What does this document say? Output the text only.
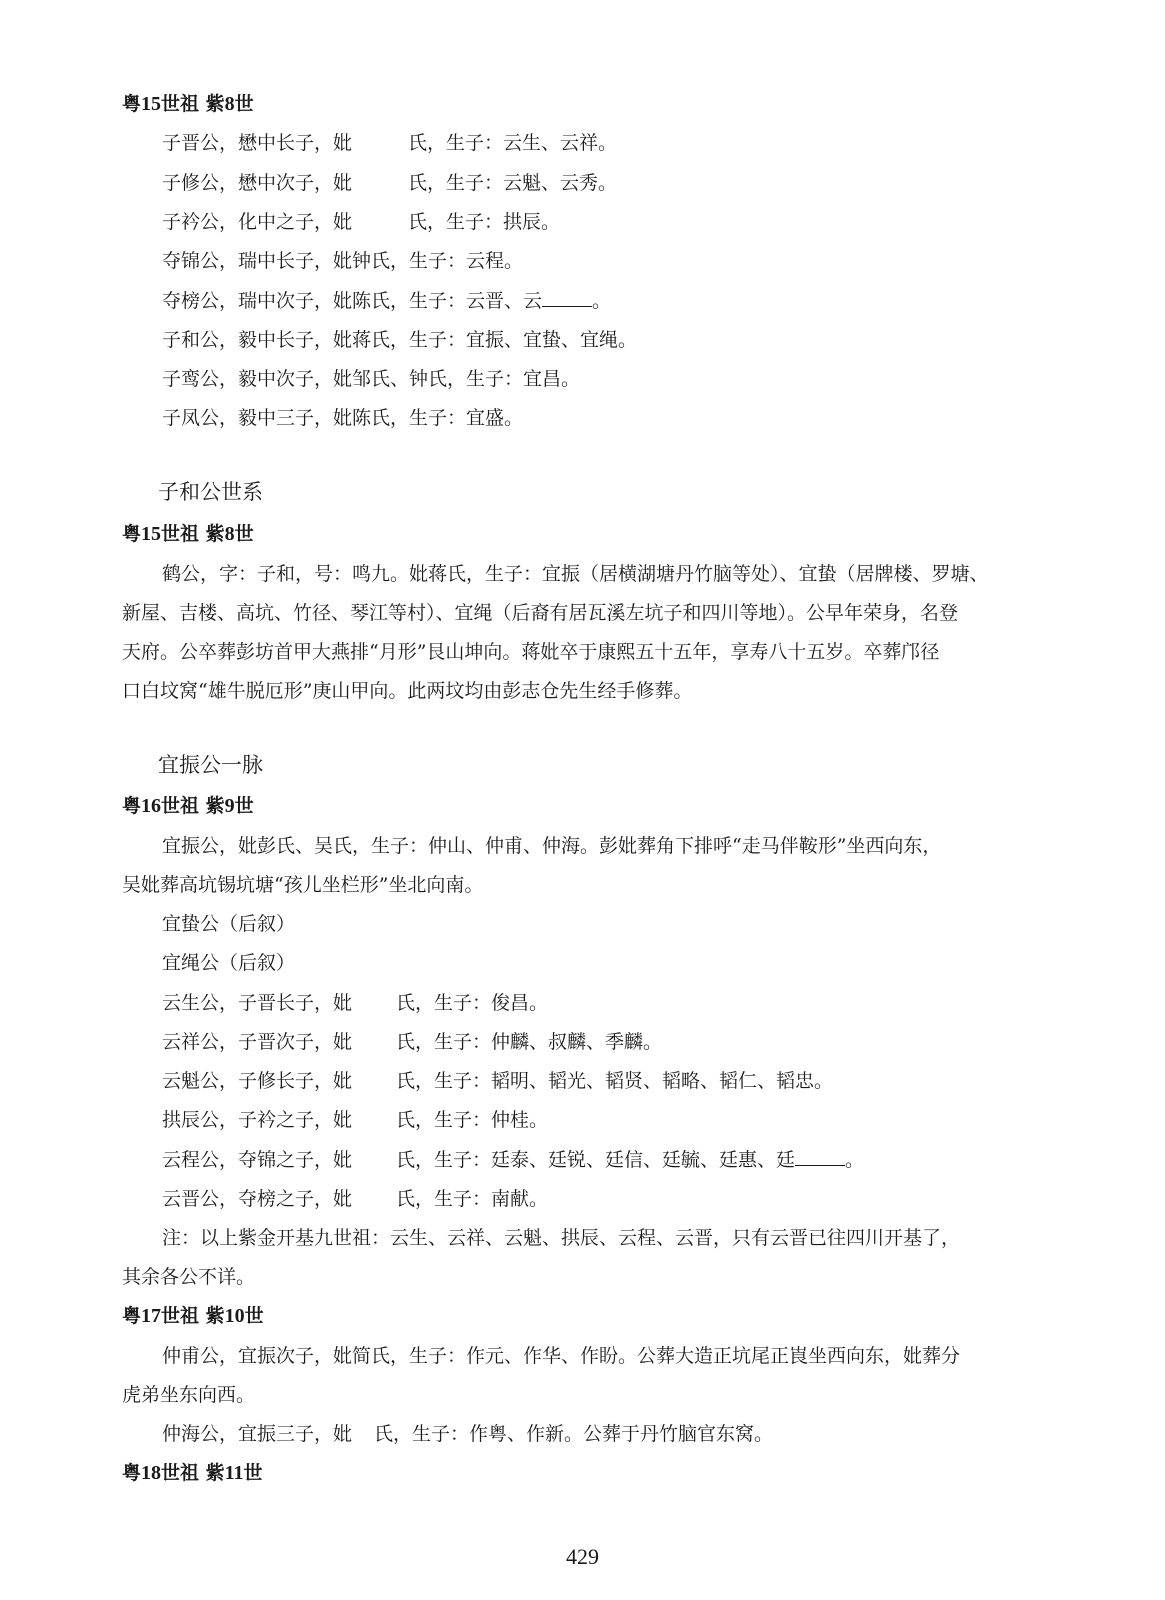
粤15世祖 紫8世
子晋公，懋中长子，妣	氏，生子：云生、云祥。
子修公，懋中次子，妣	氏，生子：云魁、云秀。
子衿公，化中之子，妣	氏，生子：拱辰。
夺锦公，瑞中长子，妣钟氏，生子：云程。
夺榜公，瑞中次子，妣陈氏，生子：云晋、云	。
子和公，毅中长子，妣蒋氏，生子：宜振、宜蛰、宜绳。
子鸾公，毅中次子，妣邹氏、钟氏，生子：宜昌。
子凤公，毅中三子，妣陈氏，生子：宜盛。
子和公世系
粤15世祖 紫8世
鹤公，字：子和，号：鸣九。妣蒋氏，生子：宜振（居横湖塘丹竹脑等处）、宜蛰（居牌楼、罗塘、
新屋、吉楼、高坑、竹径、琴江等村）、宜绳（后裔有居瓦溪左坑子和四川等地）。公早年荣身，名登
天府。公卒葬彭坊首甲大燕排“月形”艮山坤向。蒋妣卒于康熙五十五年，享寿八十五岁。卒葬邝径
口白坟窝“雄牛脱厄形”庚山甲向。此两坟均由彭志仓先生经手修葬。
宜振公一脉
粤16世祖 紫9世
宜振公，妣彭氏、吴氏，生子：仲山、仲甫、仲海。彭妣葬角下排呼“走马伴鞍形”坐西向东，
吴妣葬高坑锡坑塘“孩儿坐栏形”坐北向南。
宜蛰公（后叙）
宜绳公（后叙）
云生公，子晋长子，妣 氏，生子：俊昌。
云祥公，子晋次子，妣 氏，生子：仲麟、叔麟、季麟。
云魁公，子修长子，妣 氏，生子：韬明、韬光、韬贤、韬略、韬仁、韬忠。
拱辰公，子衿之子，妣 氏，生子：仲桂。
云程公，夺锦之子，妣 氏，生子：廷泰、廷锐、廷信、廷毓、廷惠、廷	。
云晋公，夺榜之子，妣 氏，生子：南献。
注：以上紫金开基九世祖：云生、云祥、云魁、拱辰、云程、云晋，只有云晋已往四川开基了，
其余各公不详。
粤17世祖 紫10世
仲甫公，宜振次子，妣简氏，生子：作元、作华、作盼。公葬大造正坑尾正崀坐西向东，妣葬分
虎弟坐东向西。
仲海公，宜振三子，妣 氏，生子：作粤、作新。公葬于丹竹脑官东窝。
粤18世祖 紫11世
429
